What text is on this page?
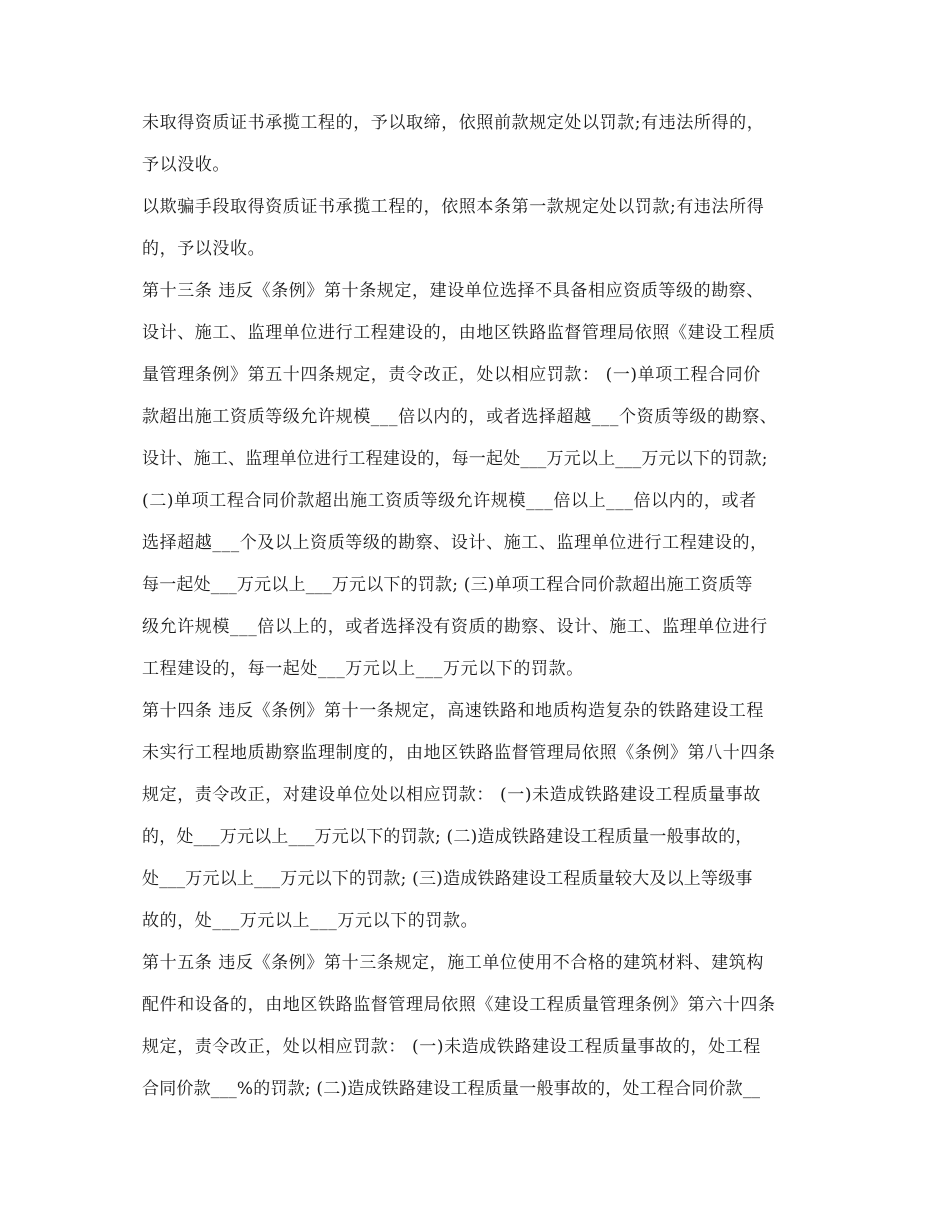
未取得资质证书承揽工程的，予以取缔，依照前款规定处以罚款;有违法所得的，
予以没收。
以欺骗手段取得资质证书承揽工程的，依照本条第一款规定处以罚款;有违法所得
的，予以没收。
第十三条 违反《条例》第十条规定，建设单位选择不具备相应资质等级的勘察、
设计、施工、监理单位进行工程建设的，由地区铁路监督管理局依照《建设工程质
量管理条例》第五十四条规定，责令改正，处以相应罚款： (一)单项工程合同价
款超出施工资质等级允许规模___倍以内的，或者选择超越___个资质等级的勘察、
设计、施工、监理单位进行工程建设的，每一起处___万元以上___万元以下的罚款;
(二)单项工程合同价款超出施工资质等级允许规模___倍以上___倍以内的，或者
选择超越___个及以上资质等级的勘察、设计、施工、监理单位进行工程建设的，
每一起处___万元以上___万元以下的罚款; (三)单项工程合同价款超出施工资质等
级允许规模___倍以上的，或者选择没有资质的勘察、设计、施工、监理单位进行
工程建设的，每一起处___万元以上___万元以下的罚款。
第十四条 违反《条例》第十一条规定，高速铁路和地质构造复杂的铁路建设工程
未实行工程地质勘察监理制度的，由地区铁路监督管理局依照《条例》第八十四条
规定，责令改正，对建设单位处以相应罚款： (一)未造成铁路建设工程质量事故
的，处___万元以上___万元以下的罚款; (二)造成铁路建设工程质量一般事故的，
处___万元以上___万元以下的罚款; (三)造成铁路建设工程质量较大及以上等级事
故的，处___万元以上___万元以下的罚款。
第十五条 违反《条例》第十三条规定，施工单位使用不合格的建筑材料、建筑构
配件和设备的，由地区铁路监督管理局依照《建设工程质量管理条例》第六十四条
规定，责令改正，处以相应罚款： (一)未造成铁路建设工程质量事故的，处工程
合同价款___%的罚款; (二)造成铁路建设工程质量一般事故的，处工程合同价款__
